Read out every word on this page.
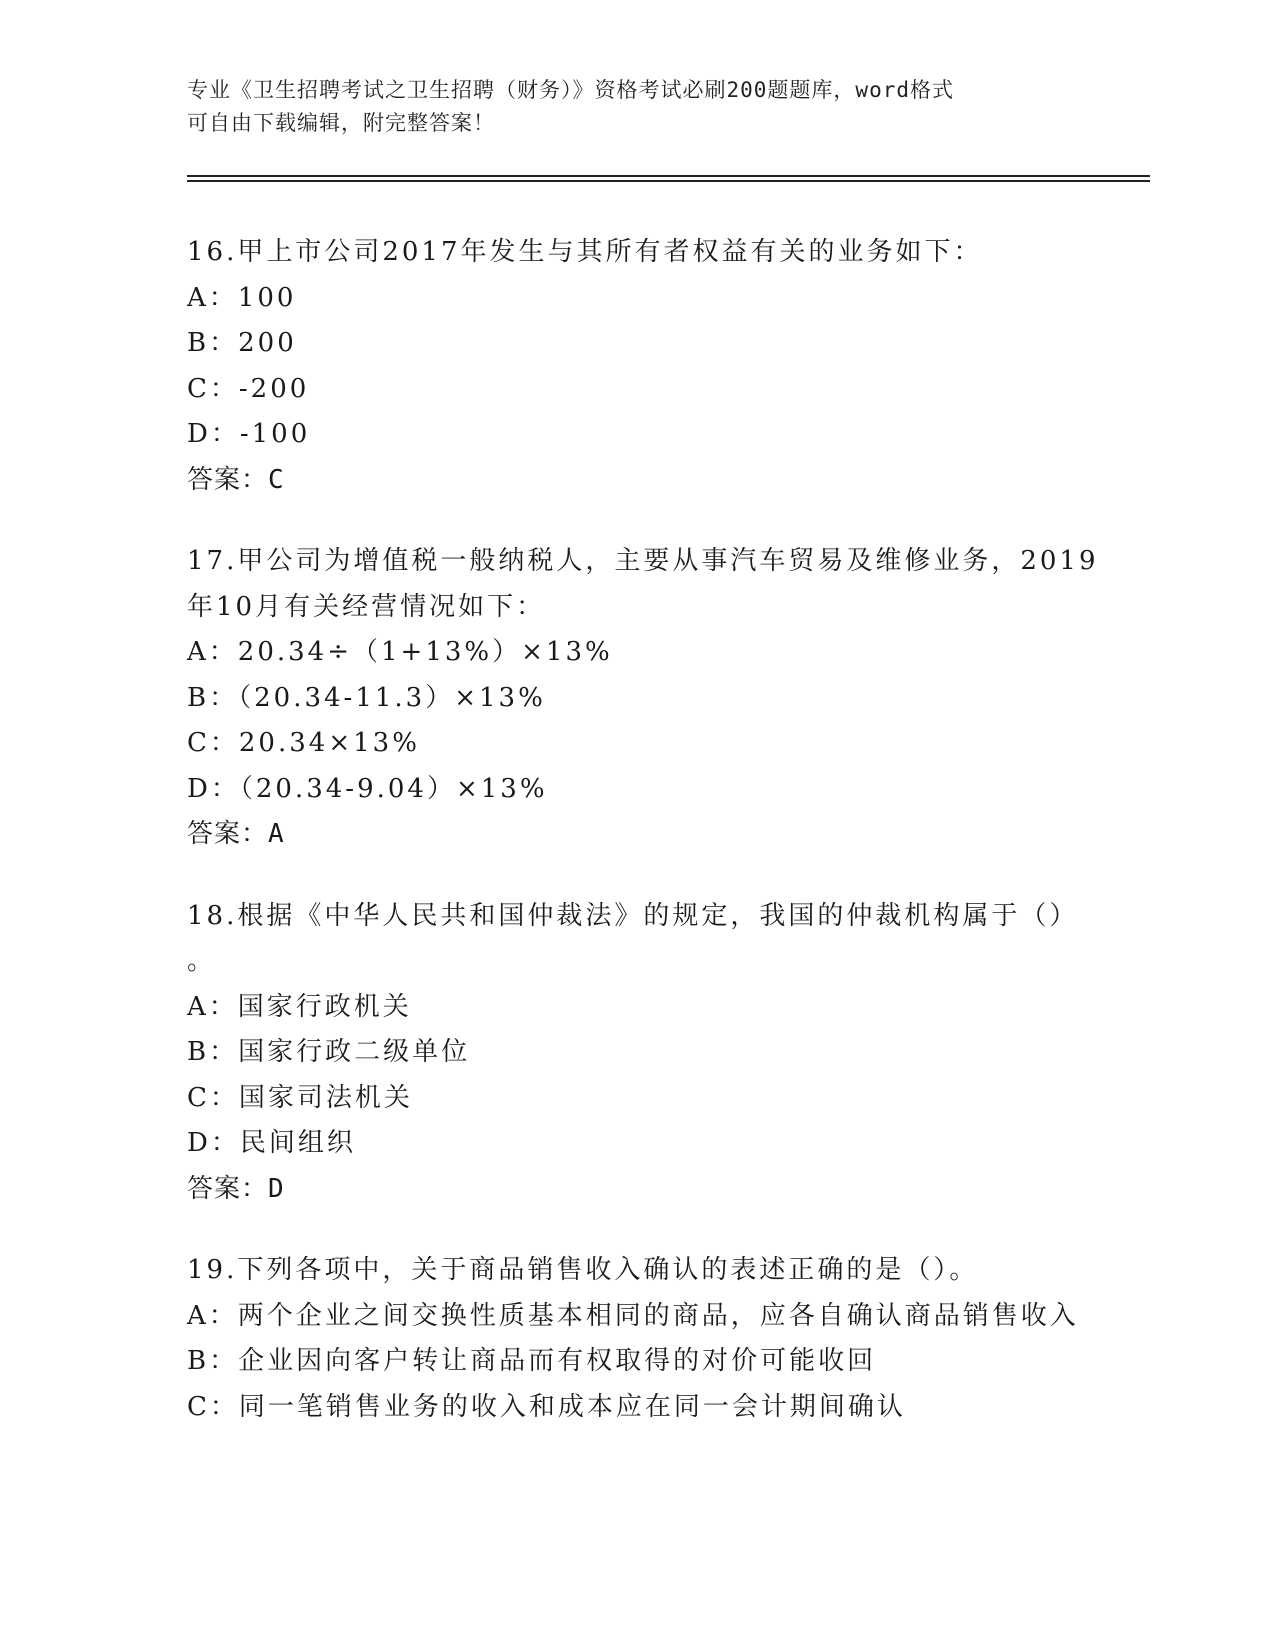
专业《卫生招聘考试之卫生招聘（财务）》资格考试必刷200题题库，word格式
可自由下载编辑，附完整答案！
16.甲上市公司2017年发生与其所有者权益有关的业务如下：
A：100
B：200
C：-200
D：-100
答案：C
17.甲公司为增值税一般纳税人，主要从事汽车贸易及维修业务，2019
年10月有关经营情况如下：
A：20.34÷（1+13%）×13%
B：（20.34-11.3）×13%
C：20.34×13%
D：（20.34-9.04）×13%
答案：A
18.根据《中华人民共和国仲裁法》的规定，我国的仲裁机构属于（）
。
A：国家行政机关
B：国家行政二级单位
C：国家司法机关
D：民间组织
答案：D
19.下列各项中，关于商品销售收入确认的表述正确的是（）。
A：两个企业之间交换性质基本相同的商品，应各自确认商品销售收入
B：企业因向客户转让商品而有权取得的对价可能收回
C：同一笔销售业务的收入和成本应在同一会计期间确认
